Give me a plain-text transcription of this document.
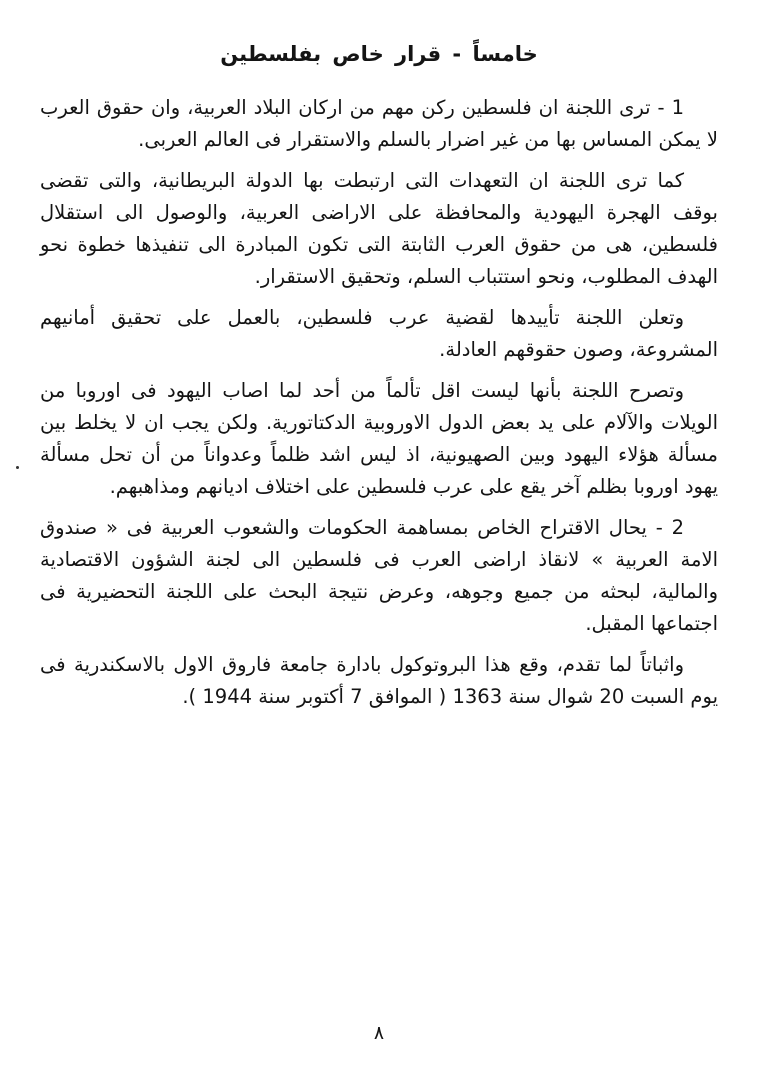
خامساً - قرار خاص بفلسطين

1 - ترى اللجنة ان فلسطين ركن مهم من اركان البلاد العربية، وان حقوق العرب لا يمكن المساس بها من غير اضرار بالسلم والاستقرار فى العالم العربى.

كما ترى اللجنة ان التعهدات التى ارتبطت بها الدولة البريطانية، والتى تقضى بوقف الهجرة اليهودية والمحافظة على الاراضى العربية، والوصول الى استقلال فلسطين، هى من حقوق العرب الثابتة التى تكون المبادرة الى تنفيذها خطوة نحو الهدف المطلوب، ونحو استتباب السلم، وتحقيق الاستقرار.

وتعلن اللجنة تأييدها لقضية عرب فلسطين، بالعمل على تحقيق أمانيهم المشروعة، وصون حقوقهم العادلة.

وتصرح اللجنة بأنها ليست اقل تألماً من أحد لما اصاب اليهود فى اوروبا من الويلات والآلام على يد بعض الدول الاوروبية الدكتاتورية. ولكن يجب ان لا يخلط بين مسألة هؤلاء اليهود وبين الصهيونية، اذ ليس اشد ظلماً وعدواناً من أن تحل مسألة يهود اوروبا بظلم آخر يقع على عرب فلسطين على اختلاف اديانهم ومذاهبهم.

2 - يحال الاقتراح الخاص بمساهمة الحكومات والشعوب العربية فى « صندوق الامة العربية » لانقاذ اراضى العرب فى فلسطين الى لجنة الشؤون الاقتصادية والمالية، لبحثه من جميع وجوهه، وعرض نتيجة البحث على اللجنة التحضيرية فى اجتماعها المقبل.

واثباتاً لما تقدم، وقع هذا البروتوكول بادارة جامعة فاروق الاول بالاسكندرية فى يوم السبت 20 شوال سنة 1363 ( الموافق 7 أكتوبر سنة 1944 ).

٨
